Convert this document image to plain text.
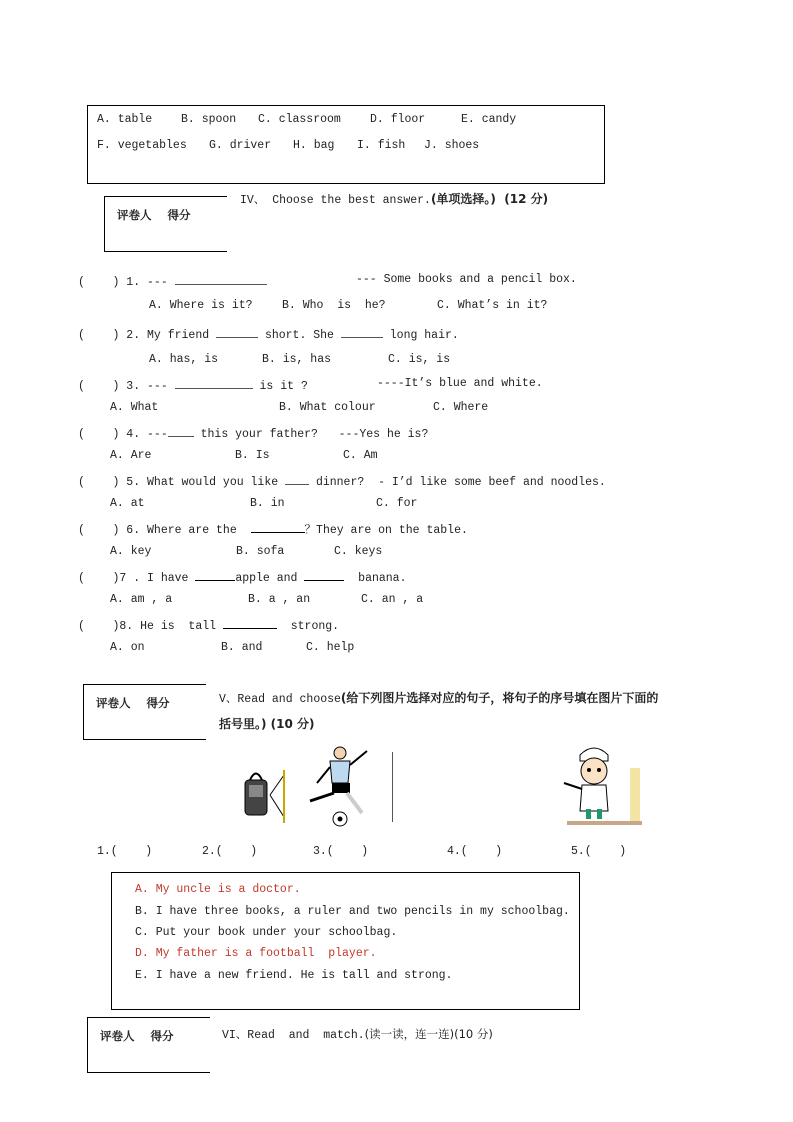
A. table	B. spoon C. classroom	D. floor	E. candy
F. vegetables G. driver H. bag I. fish J. shoes
评卷人    得分
IV、 Choose the best answer.(单项选择。)  (12 分)
(    ) 1. ---	--- Some books and a pencil box.
A. Where is it?	B. Who  is  he?	C. What’s in it?
(    ) 2. My friend	short. She	long hair.
A. has, is	B. is, has	C. is, is
(    ) 3. ---	is it ?	----It’s blue and white.
A. What	B. What colour	C. Where
(    ) 4. ---	this your father?   ---Yes he is?
A. Are	B. Is	C. Am
(    ) 5. What would you like	dinner?  - I’d like some beef and noodles.
A. at	B. in	C. for
(    ) 6. Where are the	？They are on the table.
A. key	B. sofa	C. keys
(    )7 . I have	apple and	banana.
A. am , a	B. a , an	C. an , a
(    )8. He is  tall	strong.
A. on	B. and	C. help
评卷人    得分	V、Read and choose(给下列图片选择对应的句子，将句子的序号填在图片下面的
括号里。) (10 分)
1.(    )	2.(    )	3.(    )	4.(    )	5.(    )
A. My uncle is a doctor.
B. I have three books, a ruler and two pencils in my schoolbag.
C. Put your book under your schoolbag.
D. My father is a football  player.
E. I have a new friend. He is tall and strong.
评卷人    得分	VI、Read  and  match.(读一读，连一连)(10 分)
